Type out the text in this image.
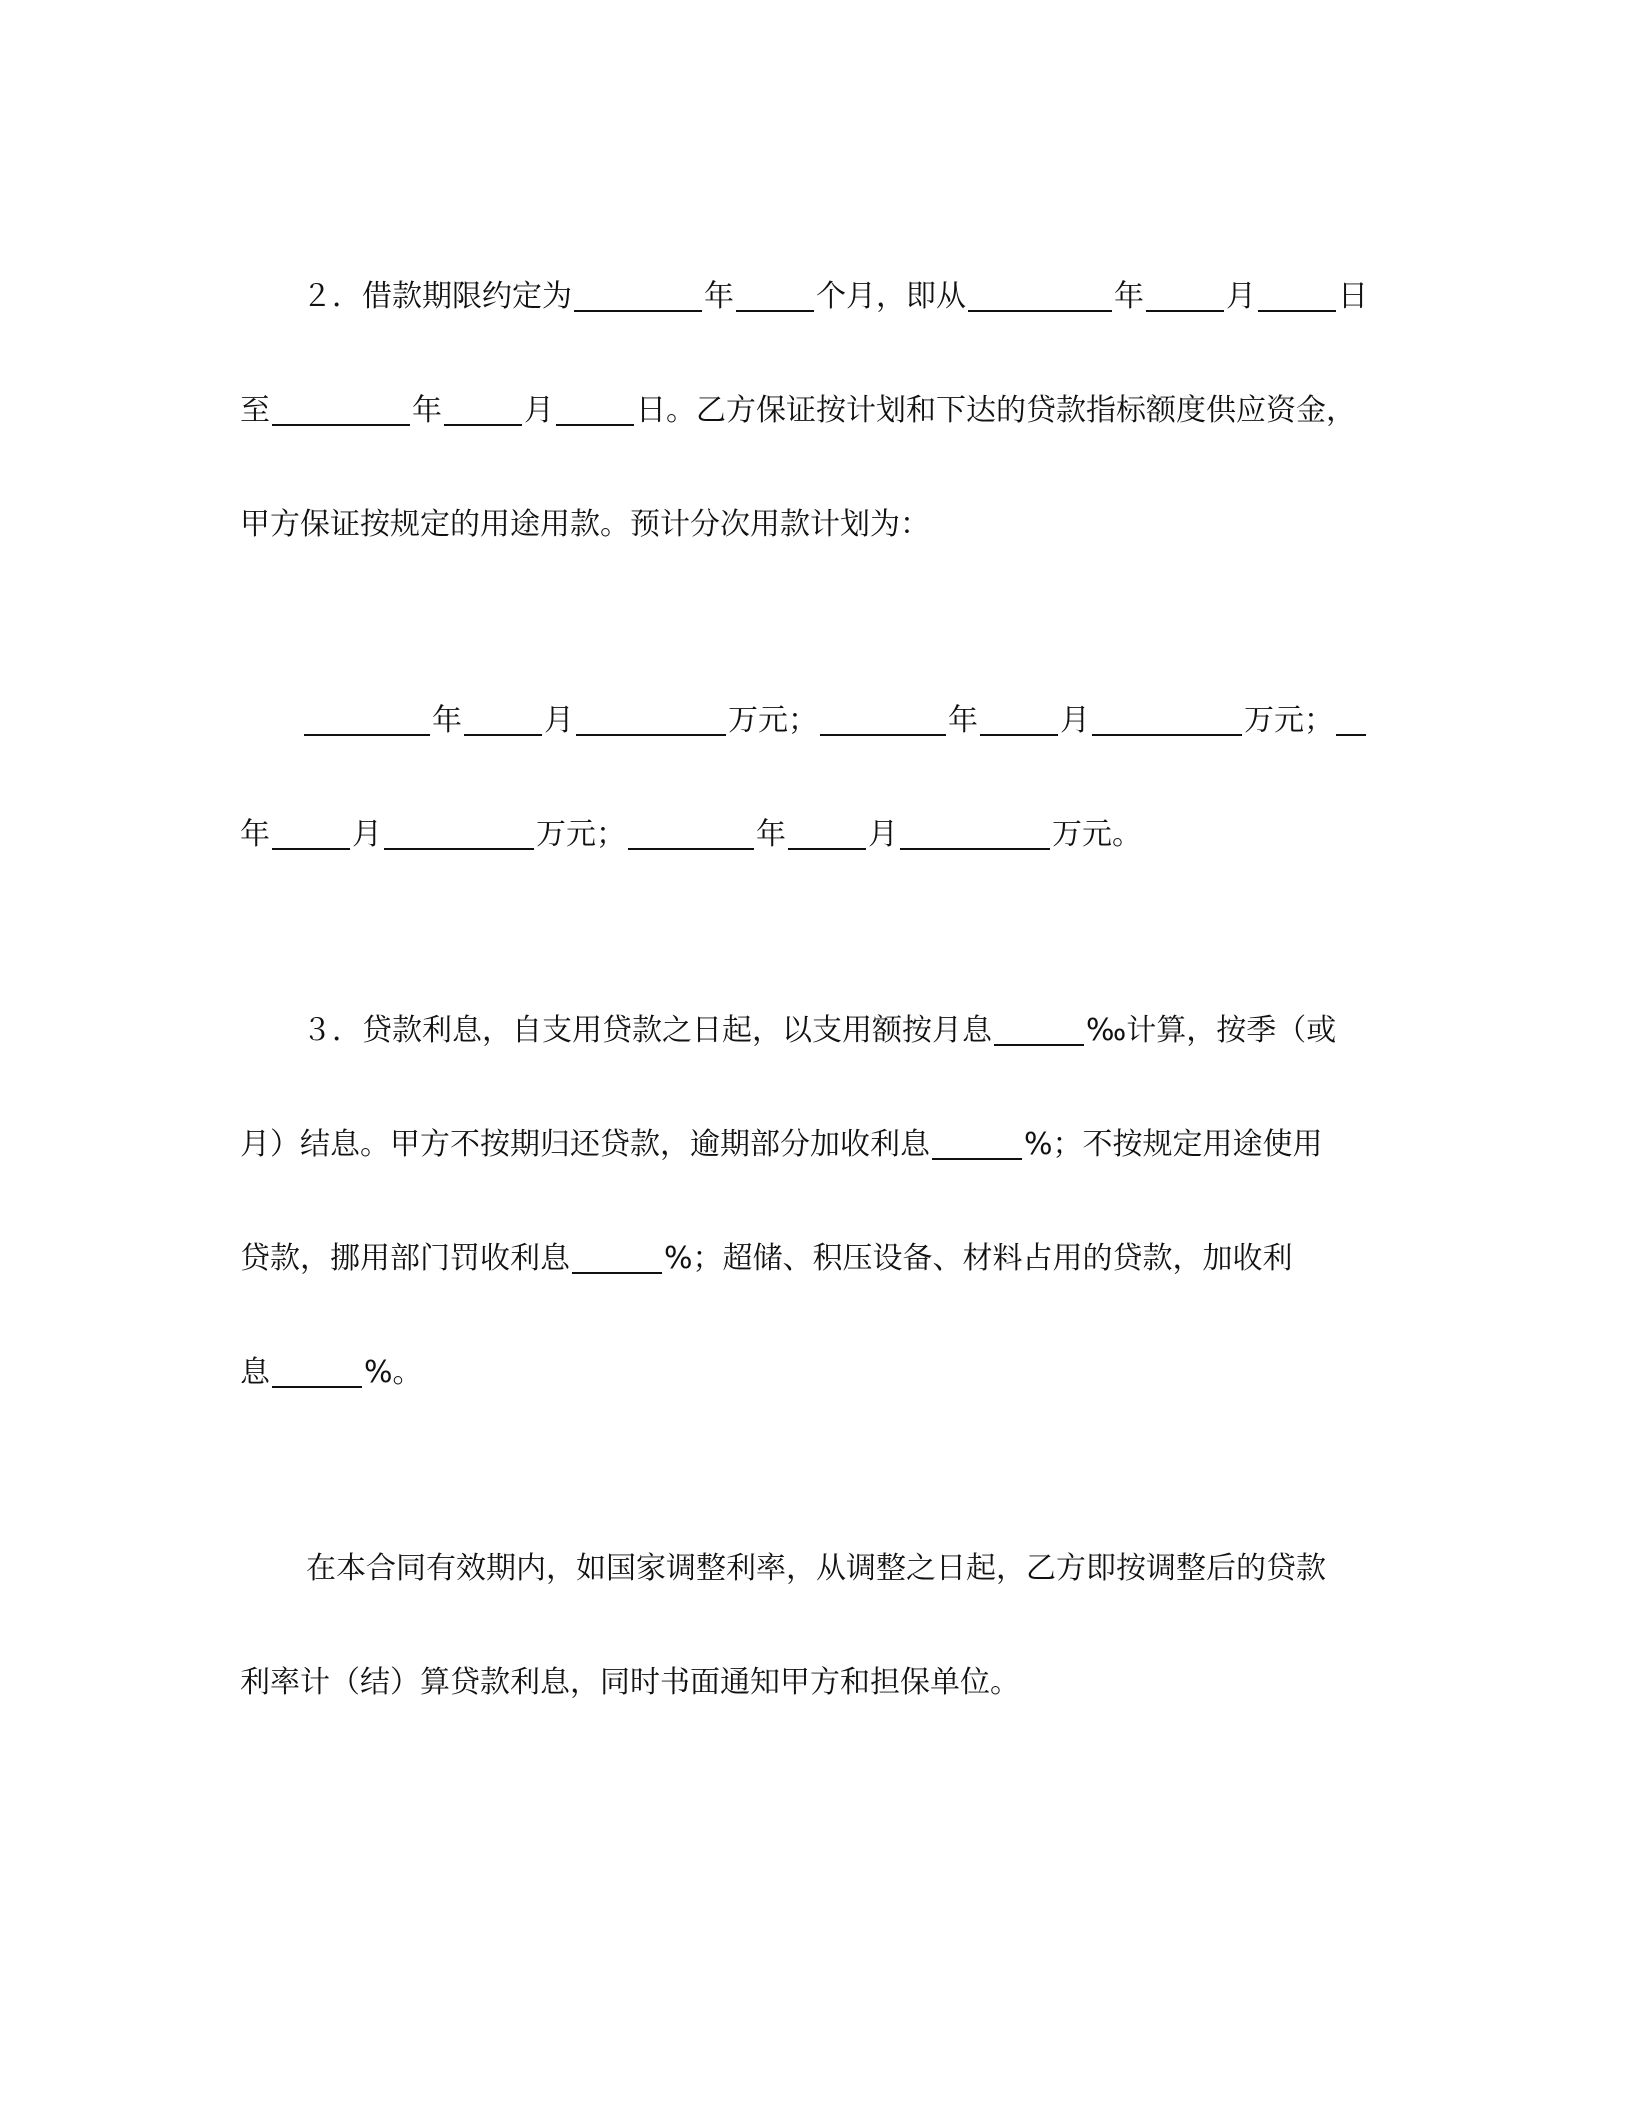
２．借款期限约定为	年	个月，即从	年	月	日
至	年	月	日。乙方保证按计划和下达的贷款指标额度供应资金，
甲方保证按规定的用途用款。预计分次用款计划为：
年	月	万元；	年	月	万元；
年	月	万元；	年	月	万元。
３．贷款利息，自支用贷款之日起，以支用额按月息	‰计算，按季（或
月）结息。甲方不按期归还贷款，逾期部分加收利息	%；不按规定用途使用
贷款，挪用部门罚收利息	%；超储、积压设备、材料占用的贷款，加收利
息	%。
在本合同有效期内，如国家调整利率，从调整之日起，乙方即按调整后的贷款
利率计（结）算贷款利息，同时书面通知甲方和担保单位。
